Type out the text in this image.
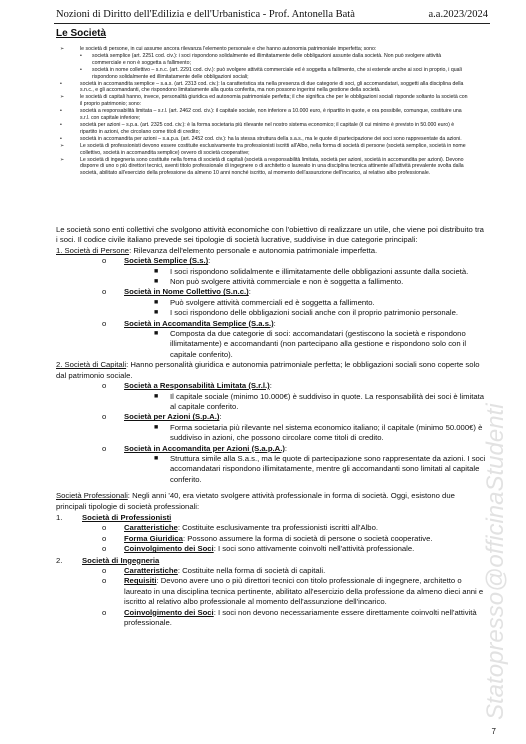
Nozioni di Diritto dell'Edilizia e dell'Urbanistica - Prof. Antonella Batà	a.a.2023/2024
Le Società
➢	le società di persone, in cui assume ancora rilevanza l'elemento personale e che hanno autonomia patrimoniale imperfetta; sono:
• società semplice (art. 2251 cod. civ.): i soci rispondono solidalmente ed illimitatamente delle obbligazioni assunte dalla società. Non può svolgere attività commerciale e non è soggetta a fallimento;
• società in nome collettivo – s.n.c. (art. 2291 cod. civ.): può svolgere attività commerciale ed è soggetta a fallimento, che si estende anche ai soci in proprio, i quali rispondono solidalmente ed illimitatamente delle obbligazioni sociali;
•	società in accomandita semplice – s.a.s. (art. 2313 cod. civ.): la caratteristica sta nella presenza di due categorie di soci, gli accomandatari, soggetti alla disciplina della s.n.c., e gli accomandanti, che rispondono limitatamente alla quota conferita, ma non possono ingerirsi nella gestione della società.
➢	le società di capitali hanno, invece, personalità giuridica ed autonomia patrimoniale perfetta; il che significa che per le obbligazioni sociali risponde soltanto la società con il proprio patrimonio; sono:
•	società a responsabilità limitata – s.r.l. (art. 2462 cod. civ.): il capitale sociale, non inferiore a 10.000 euro, è ripartito in quote, e ora possibile, comunque, costituire una s.r.l. con capitale inferiore;
•	società per azioni – s.p.a. (art. 2325 cod. civ.): è la forma societaria più rilevante nel nostro sistema economico; il capitale (il cui minimo è previsto in 50.000 euro) è ripartito in azioni, che circolano come titoli di credito;
•	società in accomandita per azioni – s.a.p.a. (art. 2452 cod. civ.): ha la stessa struttura della s.a.s., ma le quote di partecipazione dei soci sono rappresentate da azioni.
➢	Le società di professionisti devono essere costituite esclusivamente tra professionisti iscritti all'Albo, nella forma di società di persone (società semplice, società in nome collettivo, società in accomandita semplice) ovvero di società cooperative;
➢	Le società di ingegneria sono costituite nella forma di società di capitali (società a responsabilità limitata, società per azioni, società in accomandita per azioni). Devono disporre di uno o più direttori tecnici, aventi titolo professionale di ingegnere o di architetto o laureato in una disciplina tecnica attinente all'attività prevalente svolta dalla società, abilitato all'esercizio della professione da almeno 10 anni nonché iscritto, al momento dell'assunzione dell'incarico, al relativo albo professionale.

Le società sono enti collettivi che svolgono attività economiche con l'obiettivo di realizzare un utile, che viene poi distribuito tra i soci. Il codice civile italiano prevede sei tipologie di società lucrative, suddivise in due categorie principali:

1. Società di Persone: Rilevanza dell'elemento personale e autonomia patrimoniale imperfetta.

o Società Semplice (S.s.):
■ I soci rispondono solidalmente e illimitatamente delle obbligazioni assunte dalla società.
■ Non può svolgere attività commerciale e non è soggetta a fallimento.
o Società in Nome Collettivo (S.n.c.):
■ Può svolgere attività commerciali ed è soggetta a fallimento.
■ I soci rispondono delle obbligazioni sociali anche con il proprio patrimonio personale.
o Società in Accomandita Semplice (S.a.s.):
■ Composta da due categorie di soci: accomandatari (gestiscono la società e rispondono illimitatamente) e accomandanti (non partecipano alla gestione e rispondono solo con il capitale conferito).

2. Società di Capitali: Hanno personalità giuridica e autonomia patrimoniale perfetta; le obbligazioni sociali sono coperte solo dal patrimonio sociale.

o Società a Responsabilità Limitata (S.r.l.):
■ Il capitale sociale (minimo 10.000€) è suddiviso in quote. La responsabilità dei soci è limitata al capitale conferito.
o Società per Azioni (S.p.A.):
■ Forma societaria più rilevante nel sistema economico italiano; il capitale (minimo 50.000€) è suddiviso in azioni, che possono circolare come titoli di credito.
o Società in Accomandita per Azioni (S.a.p.A.):
■ Struttura simile alla S.a.s., ma le quote di partecipazione sono rappresentate da azioni. I soci accomandatari rispondono illimitatamente, mentre gli accomandanti sono limitati al capitale conferito.

Società Professionali: Negli anni '40, era vietato svolgere attività professionale in forma di società. Oggi, esistono due principali tipologie di società professionali:

1.	Società di Professionisti
o Caratteristiche: Costituite esclusivamente tra professionisti iscritti all'Albo.
o Forma Giuridica: Possono assumere la forma di società di persone o società cooperative.
o Coinvolgimento dei Soci: I soci sono attivamente coinvolti nell'attività professionale.
2.	Società di Ingegneria
o Caratteristiche: Costituite nella forma di società di capitali.
o Requisiti: Devono avere uno o più direttori tecnici con titolo professionale di ingegnere, architetto o laureato in una disciplina tecnica pertinente, abilitato all'esercizio della professione da almeno dieci anni e iscritto al relativo albo professionale al momento dell'assunzione dell'incarico.
o Coinvolgimento dei Soci: I soci non devono necessariamente essere direttamente coinvolti nell'attività professionale.	Statopresso@officinaStudenti
7
